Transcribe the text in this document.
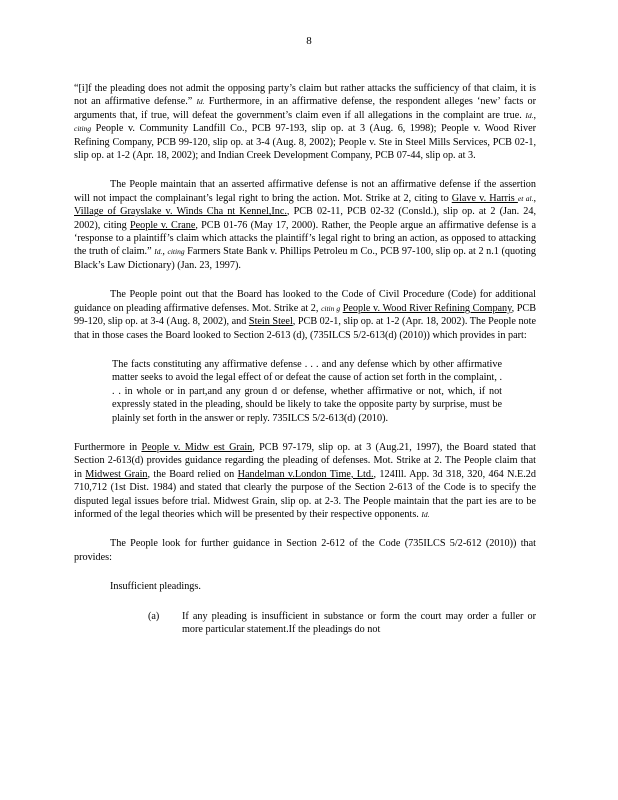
8

“[i]f the pleading does not admit the opposing party’s claim but rather attacks the sufficiency of that claim, it is not an affirmative defense.” Id. Furthermore, in an affirmative defense, the respondent alleges ‘new’ facts or arguments that, if true, will defeat the government’s claim even if all allegations in the complaint are true. Id., citing People v. Community Landfill Co., PCB 97-193, slip op. at 3 (Aug. 6, 1998); People v. Wood River Refining Company, PCB 99-120, slip op. at 3-4 (Aug. 8, 2002); People v. Ste in Steel Mills Services, PCB 02-1, slip op. at 1-2 (Apr. 18, 2002); and Indian Creek Development Company, PCB 07-44, slip op. at 3.

The People maintain that an asserted affirmative defense is not an affirmative defense if the assertion will not impact the complainant’s legal right to bring the action. Mot. Strike at 2, citing to Glave v. Harris et al., Village of Grayslake v. Winds Cha nt Kennel,Inc., PCB 02-11, PCB 02-32 (Consld.), slip op. at 2 (Jan. 24, 2002), citing People v. Crane, PCB 01-76 (May 17, 2000). Rather, the People argue an affirmative defense is a ‘response to a plaintiff’s claim which attacks the plaintiff’s legal right to bring an action, as opposed to attacking the truth of claim.” Id., citing Farmers State Bank v. Phillips Petroleu m Co., PCB 97-100, slip op. at 2 n.1 (quoting Black’s Law Dictionary) (Jan. 23, 1997).

The People point out that the Board has looked to the Code of Civil Procedure (Code) for additional guidance on pleading affirmative defenses. Mot. Strike at 2, citin g People v. Wood River Refining Company, PCB 99-120, slip op. at 3-4 (Aug. 8, 2002), and Stein Steel, PCB 02-1, slip op. at 1-2 (Apr. 18, 2002). The People note that in those cases the Board looked to Section 2-613 (d), (735ILCS 5/2-613(d) (2010)) which provides in part:

The facts constituting any affirmative defense . . . and any defense which by other affirmative matter seeks to avoid the legal effect of or defeat the cause of action set forth in the complaint, . . . in whole or in part,and any groun d or defense, whether affirmative or not, which, if not expressly stated in the pleading, should be likely to take the opposite party by surprise, must be plainly set forth in the answer or reply. 735ILCS 5/2-613(d) (2010).

Furthermore in People v. Midw est Grain, PCB 97-179, slip op. at 3 (Aug.21, 1997), the Board stated that Section 2-613(d) provides guidance regarding the pleading of defenses. Mot. Strike at 2. The People claim that in Midwest Grain, the Board relied on Handelman v.London Time, Ltd., 124Ill. App. 3d 318, 320, 464 N.E.2d 710,712 (1st Dist. 1984) and stated that clearly the purpose of the Section 2-613 of the Code is to specify the disputed legal issues before trial. Midwest Grain, slip op. at 2-3. The People maintain that the part ies are to be informed of the legal theories which will be presented by their respective opponents. Id.

The People look for further guidance in Section 2-612 of the Code (735ILCS 5/2-612 (2010)) that provides:

Insufficient pleadings.

(a) If any pleading is insufficient in substance or form the court may order a fuller or more particular statement.If the pleadings do not
